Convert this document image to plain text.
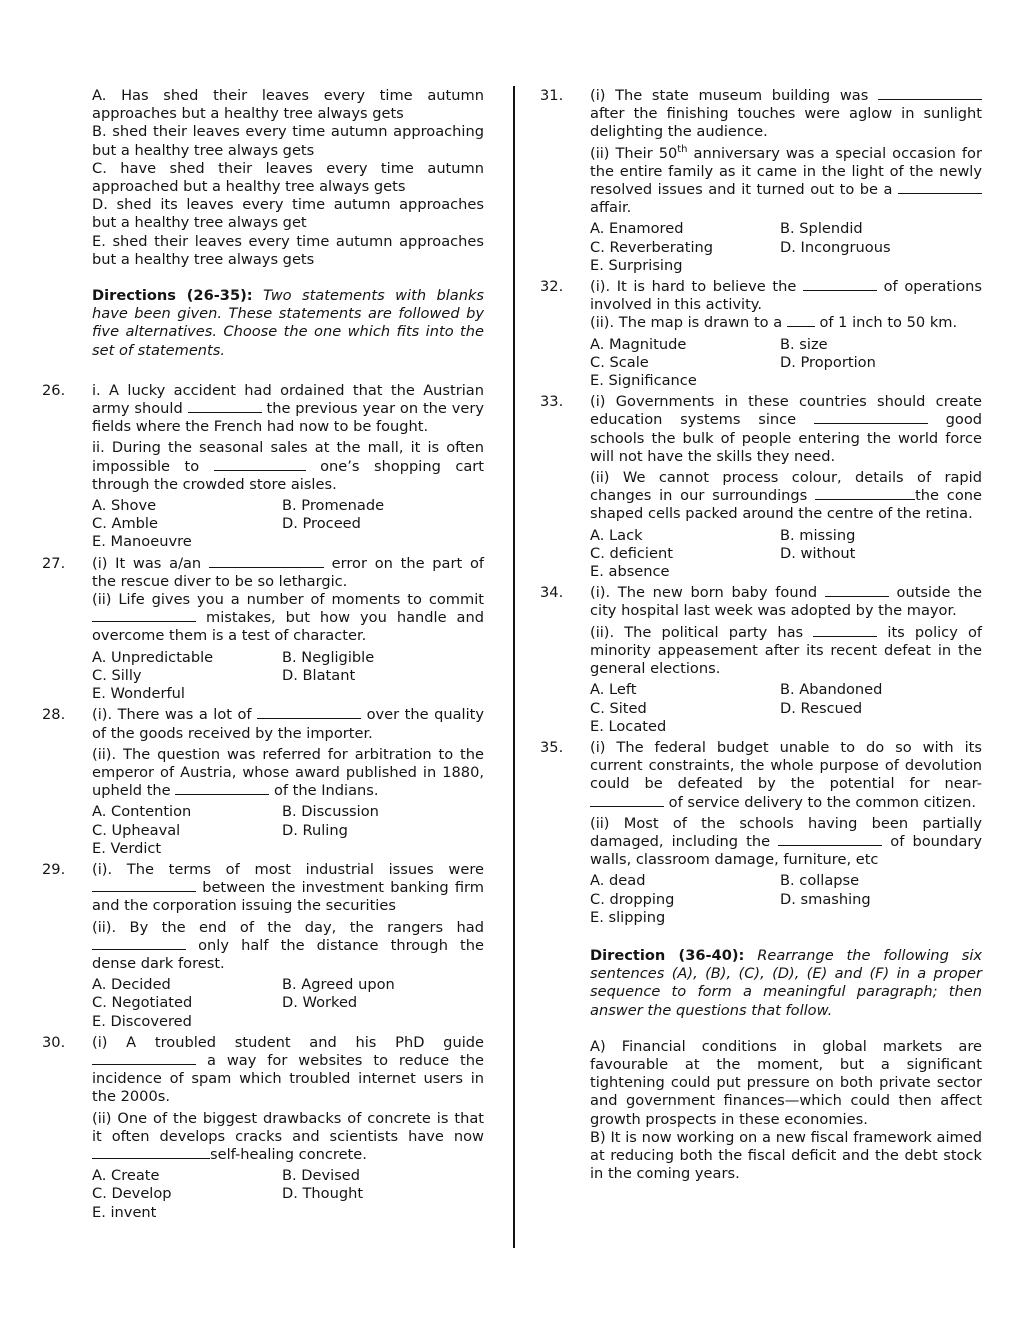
A. Has shed their leaves every time autumn approaches but a healthy tree always gets
B. shed their leaves every time autumn approaching but a healthy tree always gets
C. have shed their leaves every time autumn approached but a healthy tree always gets
D. shed its leaves every time autumn approaches but a healthy tree always get
E. shed their leaves every time autumn approaches but a healthy tree always gets
Directions (26-35): Two statements with blanks have been given. These statements are followed by five alternatives. Choose the one which fits into the set of statements.
26. i. A lucky accident had ordained that the Austrian army should	the previous year on the very fields where the French had now to be fought.
ii. During the seasonal sales at the mall, it is often impossible to	one’s shopping cart through the crowded store aisles.
A. Shove	B. Promenade
C. Amble	D. Proceed
E. Manoeuvre
27. (i) It was a/an	error on the part of the rescue diver to be so lethargic.
(ii) Life gives you a number of moments to commit  mistakes, but how you handle and overcome them is a test of character.
A. Unpredictable	B. Negligible
C. Silly	D. Blatant
E. Wonderful
28. (i). There was a lot of	over the quality of the goods received by the importer.
(ii). The question was referred for arbitration to the emperor of Austria, whose award published in 1880, upheld the	of the Indians.
A. Contention	B. Discussion
C. Upheaval	D. Ruling
E. Verdict
29. (i). The terms of most industrial issues were  between the investment banking firm and the corporation issuing the securities
(ii). By the end of the day, the rangers had  only half the distance through the dense dark forest.
A. Decided	B. Agreed upon
C. Negotiated	D. Worked
E. Discovered
30. (i) A troubled student and his PhD guide  a way for websites to reduce the incidence of spam which troubled internet users in the 2000s.
(ii) One of the biggest drawbacks of concrete is that it often develops cracks and scientists have now self-healing concrete.
A. Create	B. Devised
C. Develop	D. Thought
E. invent
31. (i) The state museum building was  after the finishing touches were aglow in sunlight delighting the audience.
(ii) Their 50th anniversary was a special occasion for the entire family as it came in the light of the newly resolved issues and it turned out to be a  affair.
A. Enamored	B. Splendid
C. Reverberating	D. Incongruous
E. Surprising
32. (i). It is hard to believe the	of operations involved in this activity.
(ii). The map is drawn to a	of 1 inch to 50 km.
A. Magnitude	B. size
C. Scale	D. Proportion
E. Significance
33. (i) Governments in these countries should create education systems since	good schools the bulk of people entering the world force will not have the skills they need.
(ii) We cannot process colour, details of rapid changes in our surroundings	the cone shaped cells packed around the centre of the retina.
A. Lack	B. missing
C. deficient	D. without
E. absence
34. (i). The new born baby found	outside the city hospital last week was adopted by the mayor.
(ii). The political party has	its policy of minority appeasement after its recent defeat in the general elections.
A. Left	B. Abandoned
C. Sited	D. Rescued
E. Located
35. (i) The federal budget unable to do so with its current constraints, the whole purpose of devolution could be defeated by the potential for near-  of service delivery to the common citizen.
(ii) Most of the schools having been partially damaged, including the	of boundary walls, classroom damage, furniture, etc
A. dead	B. collapse
C. dropping	D. smashing
E. slipping
Direction (36-40): Rearrange the following six sentences (A), (B), (C), (D), (E) and (F) in a proper sequence to form a meaningful paragraph; then answer the questions that follow.
A) Financial conditions in global markets are favourable at the moment, but a significant tightening could put pressure on both private sector and government finances—which could then affect growth prospects in these economies.
B) It is now working on a new fiscal framework aimed at reducing both the fiscal deficit and the debt stock in the coming years.
